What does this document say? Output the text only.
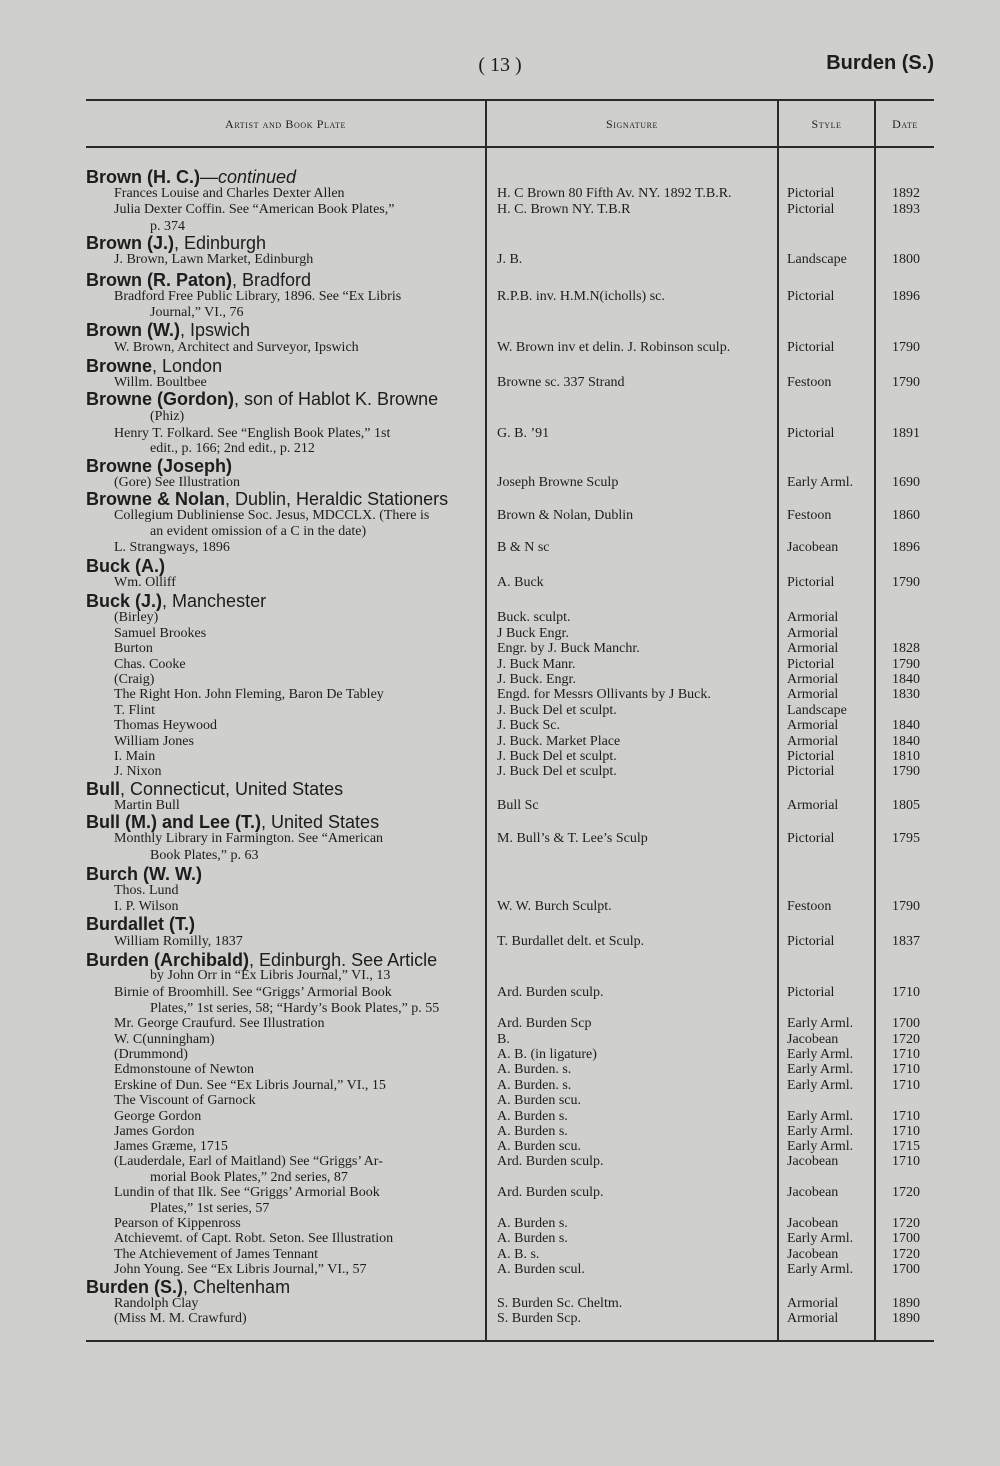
( 13 )	Burden (S.)
Artist and Book Plate	Signature	Style	Date
Brown (H. C.)—continued
Frances Louise and Charles Dexter Allen	H. C Brown 80 Fifth Av. NY. 1892 T.B.R.	Pictorial	1892
Julia Dexter Coffin. See “American Book Plates,”	H. C. Brown NY. T.B.R	Pictorial	1893
p. 374
Brown (J.), Edinburgh
J. Brown, Lawn Market, Edinburgh	J. B.	Landscape	1800
Brown (R. Paton), Bradford
Bradford Free Public Library, 1896. See “Ex Libris	R.P.B. inv. H.M.N(icholls) sc.	Pictorial	1896
Journal,” VI., 76
Brown (W.), Ipswich
W. Brown, Architect and Surveyor, Ipswich	W. Brown inv et delin. J. Robinson sculp.	Pictorial	1790
Browne, London
Willm. Boultbee	Browne sc. 337 Strand	Festoon	1790
Browne (Gordon), son of Hablot K. Browne
(Phiz)
Henry T. Folkard. See “English Book Plates,” 1st	G. B. ’91	Pictorial	1891
edit., p. 166; 2nd edit., p. 212
Browne (Joseph)
(Gore) See Illustration	Joseph Browne Sculp	Early Arml.	1690
Browne & Nolan, Dublin, Heraldic Stationers
Collegium Dubliniense Soc. Jesus, MDCCLX. (There is	Brown & Nolan, Dublin	Festoon	1860
an evident omission of a C in the date)
L. Strangways, 1896	B & N sc	Jacobean	1896
Buck (A.)
Wm. Olliff	A. Buck	Pictorial	1790
Buck (J.), Manchester
(Birley)	Buck. sculpt.	Armorial
Samuel Brookes	J Buck Engr.	Armorial
Burton	Engr. by J. Buck Manchr.	Armorial	1828
Chas. Cooke	J. Buck Manr.	Pictorial	1790
(Craig)	J. Buck. Engr.	Armorial	1840
The Right Hon. John Fleming, Baron De Tabley	Engd. for Messrs Ollivants by J Buck.	Armorial	1830
T. Flint	J. Buck Del et sculpt.	Landscape
Thomas Heywood	J. Buck Sc.	Armorial	1840
William Jones	J. Buck. Market Place	Armorial	1840
I. Main	J. Buck Del et sculpt.	Pictorial	1810
J. Nixon	J. Buck Del et sculpt.	Pictorial	1790
Bull, Connecticut, United States
Martin Bull	Bull Sc	Armorial	1805
Bull (M.) and Lee (T.), United States
Monthly Library in Farmington. See “American	M. Bull’s & T. Lee’s Sculp	Pictorial	1795
Book Plates,” p. 63
Burch (W. W.)
Thos. Lund
I. P. Wilson	W. W. Burch Sculpt.	Festoon	1790
Burdallet (T.)
William Romilly, 1837	T. Burdallet delt. et Sculp.	Pictorial	1837
Burden (Archibald), Edinburgh. See Article
by John Orr in “Ex Libris Journal,” VI., 13
Birnie of Broomhill. See “Griggs’ Armorial Book	Ard. Burden sculp.	Pictorial	1710
Plates,” 1st series, 58; “Hardy’s Book Plates,” p. 55
Mr. George Craufurd. See Illustration	Ard. Burden Scp	Early Arml.	1700
W. C(unningham)	B.	Jacobean	1720
(Drummond)	A. B. (in ligature)	Early Arml.	1710
Edmonstoune of Newton	A. Burden. s.	Early Arml.	1710
Erskine of Dun. See “Ex Libris Journal,” VI., 15	A. Burden. s.	Early Arml.	1710
The Viscount of Garnock	A. Burden scu.
George Gordon	A. Burden s.	Early Arml.	1710
James Gordon	A. Burden s.	Early Arml.	1710
James Græme, 1715	A. Burden scu.	Early Arml.	1715
(Lauderdale, Earl of Maitland) See “Griggs’ Ar-	Ard. Burden sculp.	Jacobean	1710
morial Book Plates,” 2nd series, 87
Lundin of that Ilk. See “Griggs’ Armorial Book	Ard. Burden sculp.	Jacobean	1720
Plates,” 1st series, 57
Pearson of Kippenross	A. Burden s.	Jacobean	1720
Atchievemt. of Capt. Robt. Seton. See Illustration	A. Burden s.	Early Arml.	1700
The Atchievement of James Tennant	A. B. s.	Jacobean	1720
John Young. See “Ex Libris Journal,” VI., 57	A. Burden scul.	Early Arml.	1700
Burden (S.), Cheltenham
Randolph Clay	S. Burden Sc. Cheltm.	Armorial	1890
(Miss M. M. Crawfurd)	S. Burden Scp.	Armorial	1890
